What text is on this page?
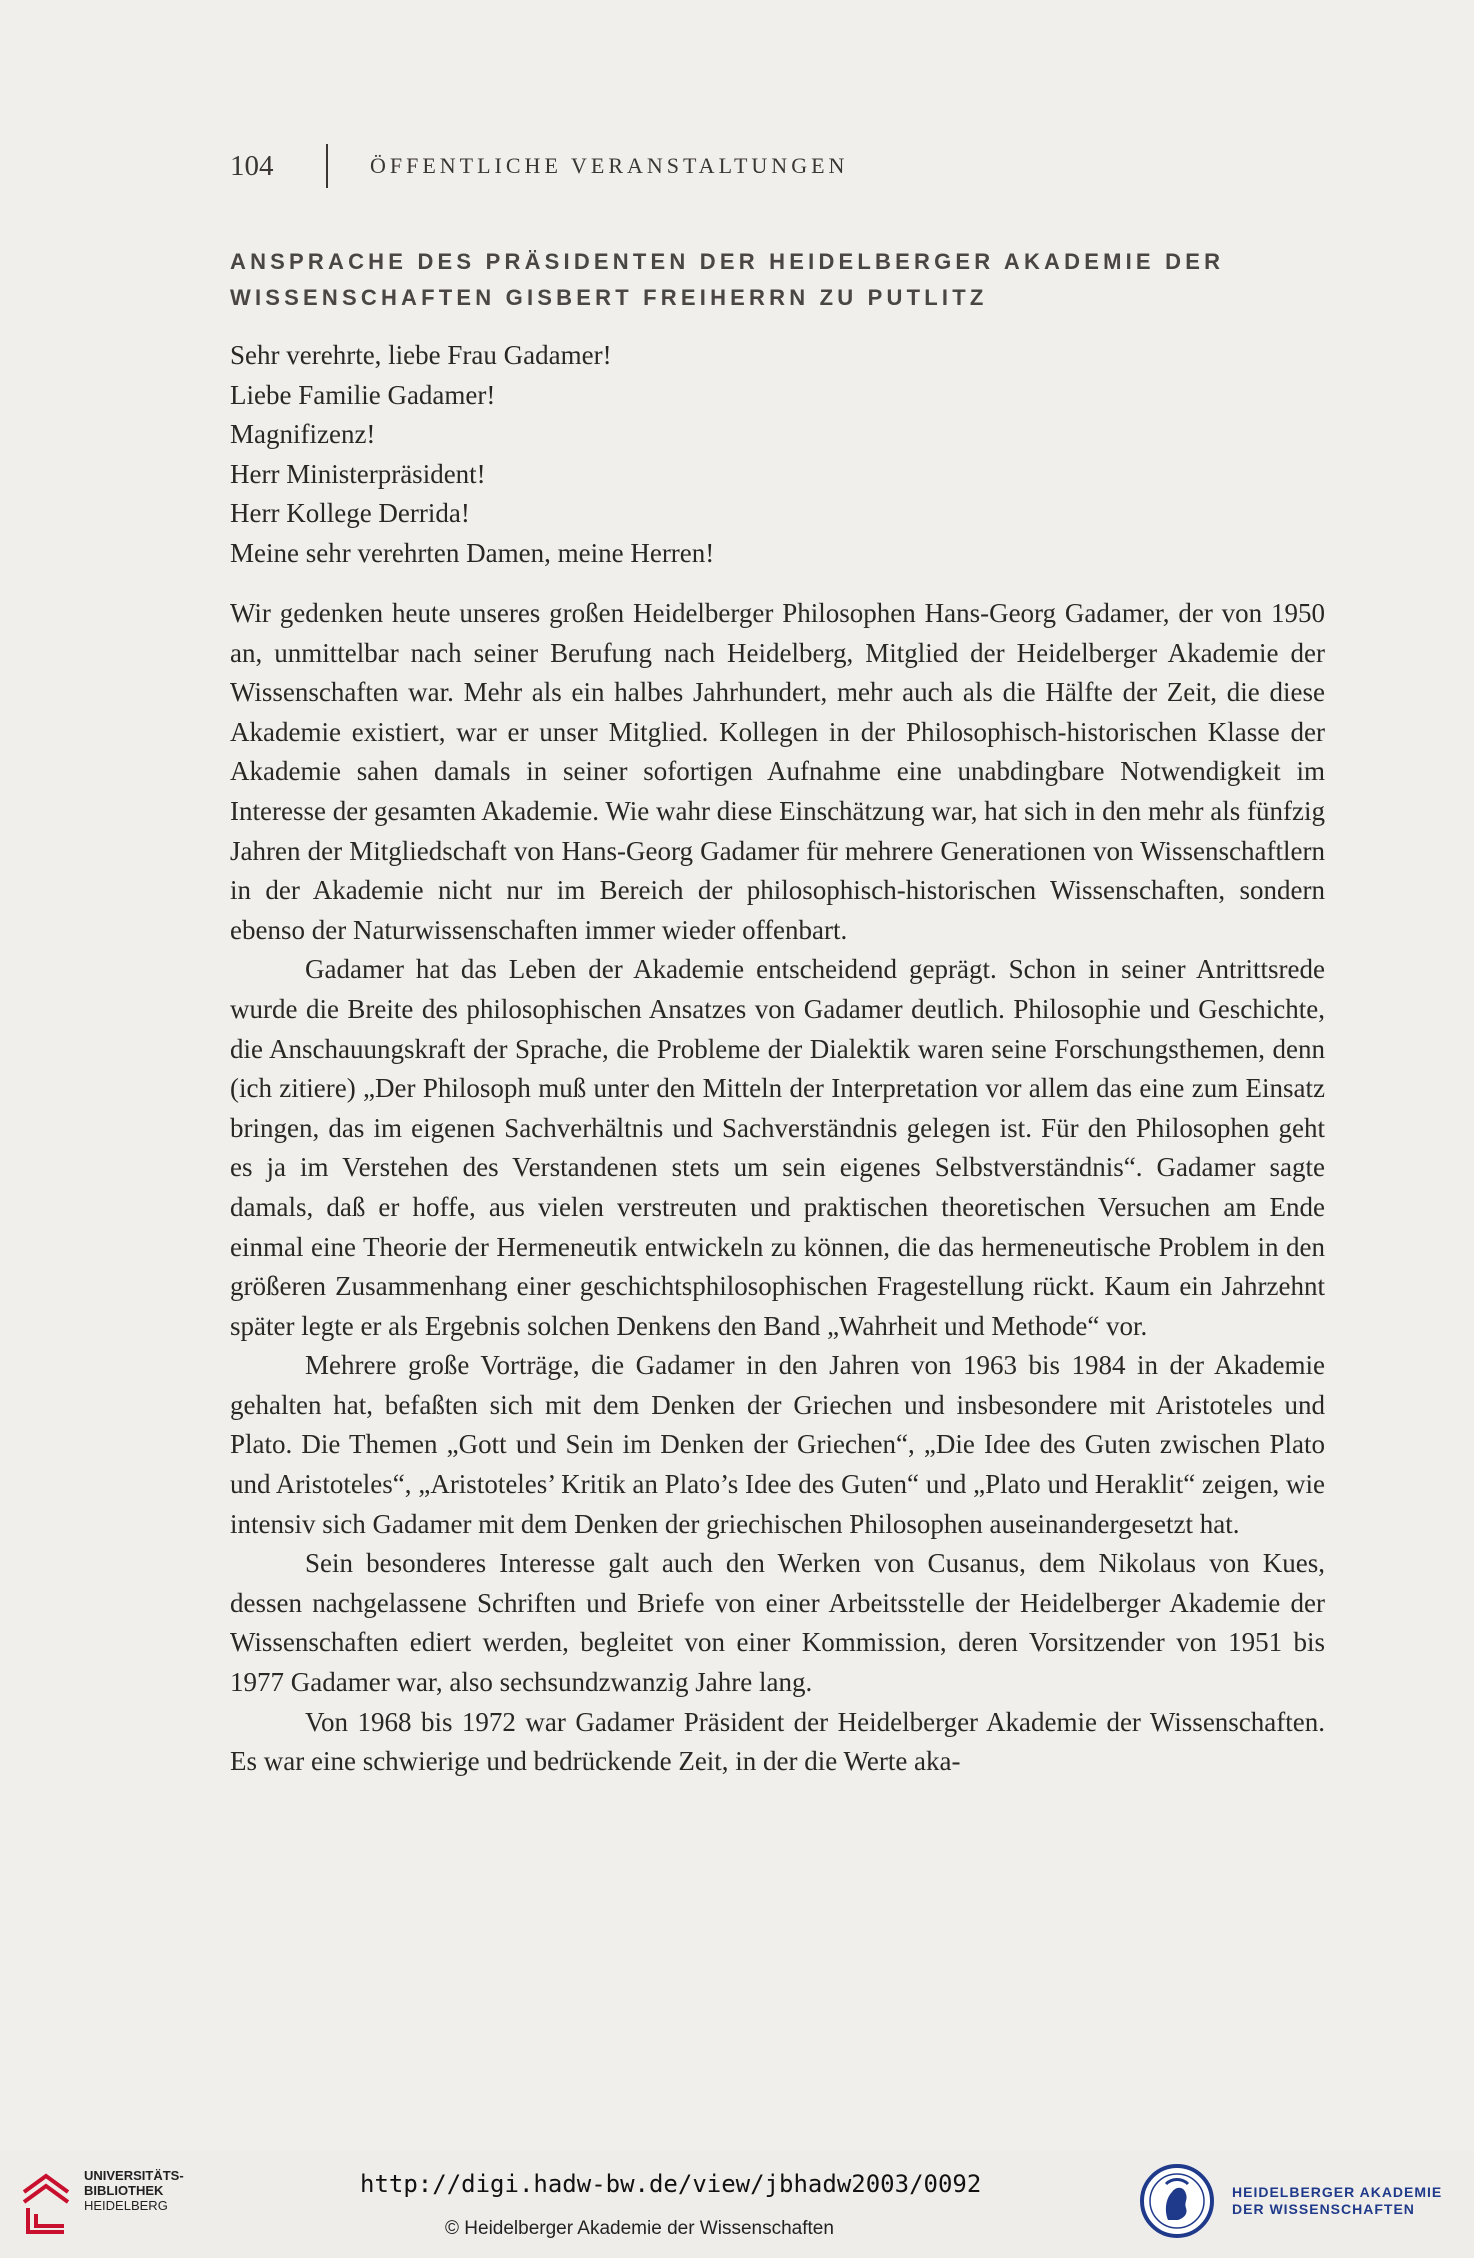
104	ÖFFENTLICHE VERANSTALTUNGEN
ANSPRACHE DES PRÄSIDENTEN DER HEIDELBERGER AKADEMIE DER WISSENSCHAFTEN GISBERT FREIHERRN ZU PUTLITZ
Sehr verehrte, liebe Frau Gadamer!
Liebe Familie Gadamer!
Magnifizenz!
Herr Ministerpräsident!
Herr Kollege Derrida!
Meine sehr verehrten Damen, meine Herren!

Wir gedenken heute unseres großen Heidelberger Philosophen Hans-Georg Gadamer, der von 1950 an, unmittelbar nach seiner Berufung nach Heidelberg, Mitglied der Heidelberger Akademie der Wissenschaften war. Mehr als ein halbes Jahrhundert, mehr auch als die Hälfte der Zeit, die diese Akademie existiert, war er unser Mitglied. Kollegen in der Philosophisch-historischen Klasse der Akademie sahen damals in seiner sofortigen Aufnahme eine unabdingbare Notwendigkeit im Interesse der gesamten Akademie. Wie wahr diese Einschätzung war, hat sich in den mehr als fünfzig Jahren der Mitgliedschaft von Hans-Georg Gadamer für mehrere Generationen von Wissenschaftlern in der Akademie nicht nur im Bereich der philosophisch-historischen Wissenschaften, sondern ebenso der Naturwissenschaften immer wieder offenbart.

Gadamer hat das Leben der Akademie entscheidend geprägt. Schon in seiner Antrittsrede wurde die Breite des philosophischen Ansatzes von Gadamer deutlich. Philosophie und Geschichte, die Anschauungskraft der Sprache, die Probleme der Dialektik waren seine Forschungsthemen, denn (ich zitiere) „Der Philosoph muß unter den Mitteln der Interpretation vor allem das eine zum Einsatz bringen, das im eigenen Sachverhältnis und Sachverständnis gelegen ist. Für den Philosophen geht es ja im Verstehen des Verstandenen stets um sein eigenes Selbstverständnis“. Gadamer sagte damals, daß er hoffe, aus vielen verstreuten und praktischen theoretischen Versuchen am Ende einmal eine Theorie der Hermeneutik entwickeln zu können, die das hermeneutische Problem in den größeren Zusammenhang einer geschichtsphilosophischen Fragestellung rückt. Kaum ein Jahrzehnt später legte er als Ergebnis solchen Denkens den Band „Wahrheit und Methode“ vor.

Mehrere große Vorträge, die Gadamer in den Jahren von 1963 bis 1984 in der Akademie gehalten hat, befaßten sich mit dem Denken der Griechen und insbesondere mit Aristoteles und Plato. Die Themen „Gott und Sein im Denken der Griechen“, „Die Idee des Guten zwischen Plato und Aristoteles“, „Aristoteles’ Kritik an Plato’s Idee des Guten“ und „Plato und Heraklit“ zeigen, wie intensiv sich Gadamer mit dem Denken der griechischen Philosophen auseinandergesetzt hat.

Sein besonderes Interesse galt auch den Werken von Cusanus, dem Nikolaus von Kues, dessen nachgelassene Schriften und Briefe von einer Arbeitsstelle der Heidelberger Akademie der Wissenschaften ediert werden, begleitet von einer Kommission, deren Vorsitzender von 1951 bis 1977 Gadamer war, also sechsundzwanzig Jahre lang.

Von 1968 bis 1972 war Gadamer Präsident der Heidelberger Akademie der Wissenschaften. Es war eine schwierige und bedrückende Zeit, in der die Werte aka-

UNIVERSITÄTS-
BIBLIOTHEK
HEIDELBERG
http://digi.hadw-bw.de/view/jbhadw2003/0092
© Heidelberger Akademie der Wissenschaften
HEIDELBERGER AKADEMIE
DER WISSENSCHAFTEN
